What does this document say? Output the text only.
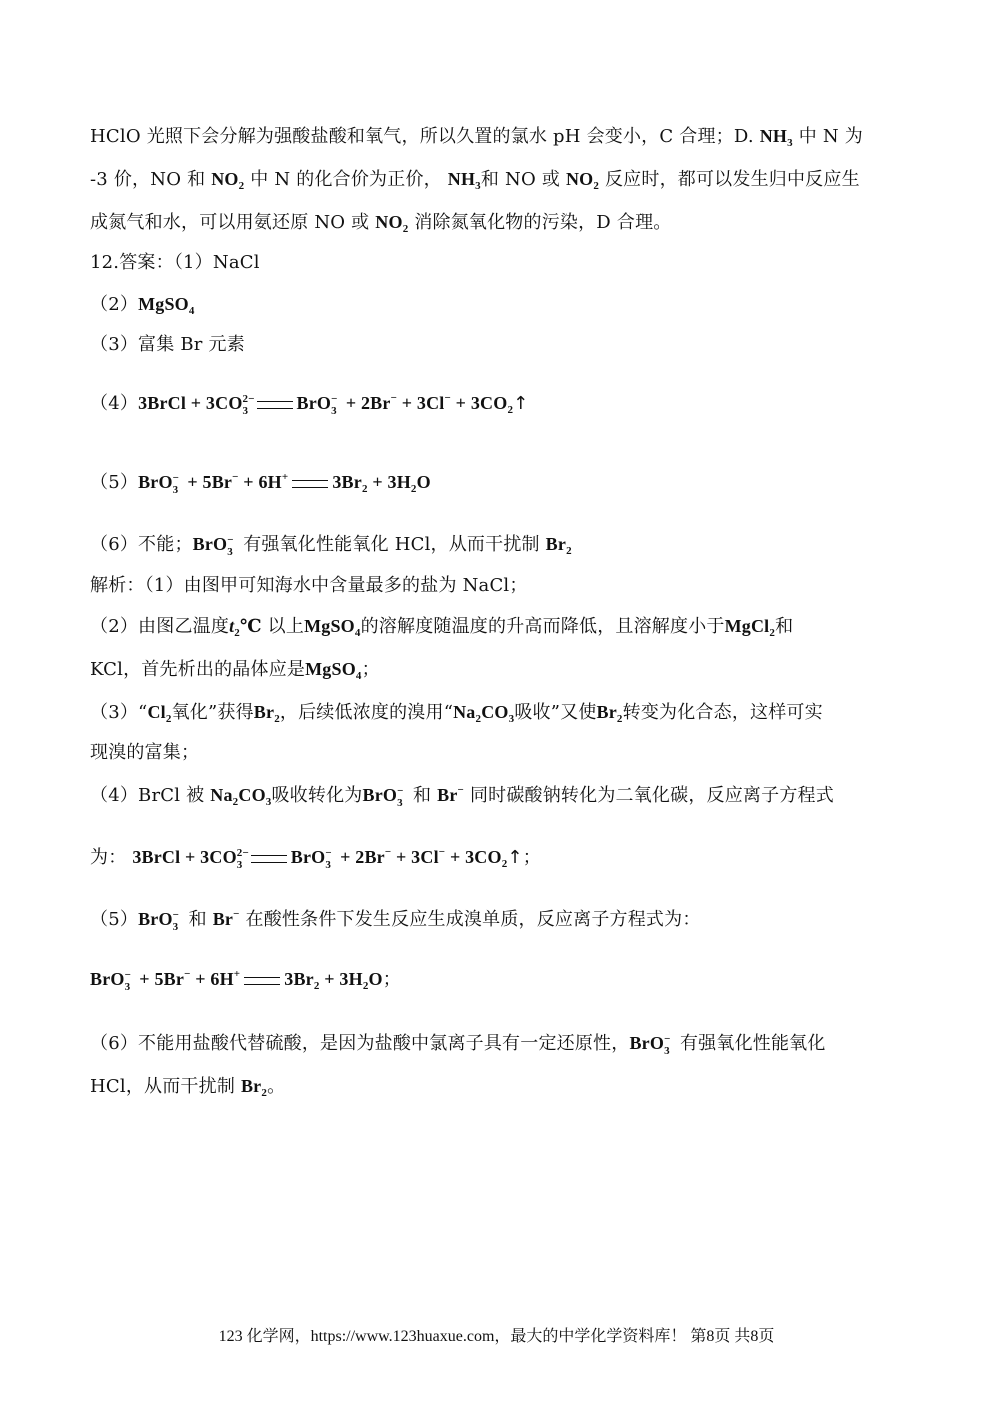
HClO 光照下会分解为强酸盐酸和氧气，所以久置的氯水 pH 会变小，C 合理；D. $NH_3$ 中 N 为
-3 价，NO 和 $NO_2$ 中 N 的化合价为正价， $NH_3$和 NO 或 $NO_2$ 反应时，都可以发生归中反应生
成氮气和水，可以用氨还原 NO 或 $NO_2$ 消除氮氧化物的污染，D 合理。
12.答案：（1）NaCl
（2）MgSO$_4$
（3）富集 Br 元素
（4）3BrCl + 3CO 2−
3	BrO −
$3 + 2Br^- + 3Cl^- + 3CO_2↑$
（5）BrO −
3 + 5Br− + 6H+ $3Br_2 + 3H_2O$
（6）不能；BrO −
3 有强氧化性能氧化 HCl，从而干扰制 $Br_2$
解析：（1）由图甲可知海水中含量最多的盐为 NaCl；
（2）由图乙温度$t_2℃$ 以上MgSO$_4$的溶解度随温度的升高而降低，且溶解度小于MgCl$_2$和
KCl，首先析出的晶体应是MgSO$_4$；
$(3)“Cl_2$氧化”获得$Br_2$，后续低浓度的溴用“$Na_2CO_3$吸收”又使$Br_2$转变为化合态，这样可实
现溴的富集；
（4）BrCl 被 $Na_2CO_3$吸收转化为BrO −
3 和 Br− 同时碳酸钠转化为二氧化碳，反应离子方程式
为： 3BrCl + 3CO 2−
3	BrO −
$3 + 2Br^- + 3Cl^- + 3CO_2↑$；
（5）BrO −
3 和 Br− 在酸性条件下发生反应生成溴单质，反应离子方程式为：
BrO −
3 + 5Br− + 6H+ $3Br_2 + 3H_2O$；
（6）不能用盐酸代替硫酸，是因为盐酸中氯离子具有一定还原性，BrO −
3 有强氧化性能氧化
HCl，从而干扰制 $Br_2$。
123 化学网，https://www.123huaxue.com，最大的中学化学资料库！ 第8页 共8页
